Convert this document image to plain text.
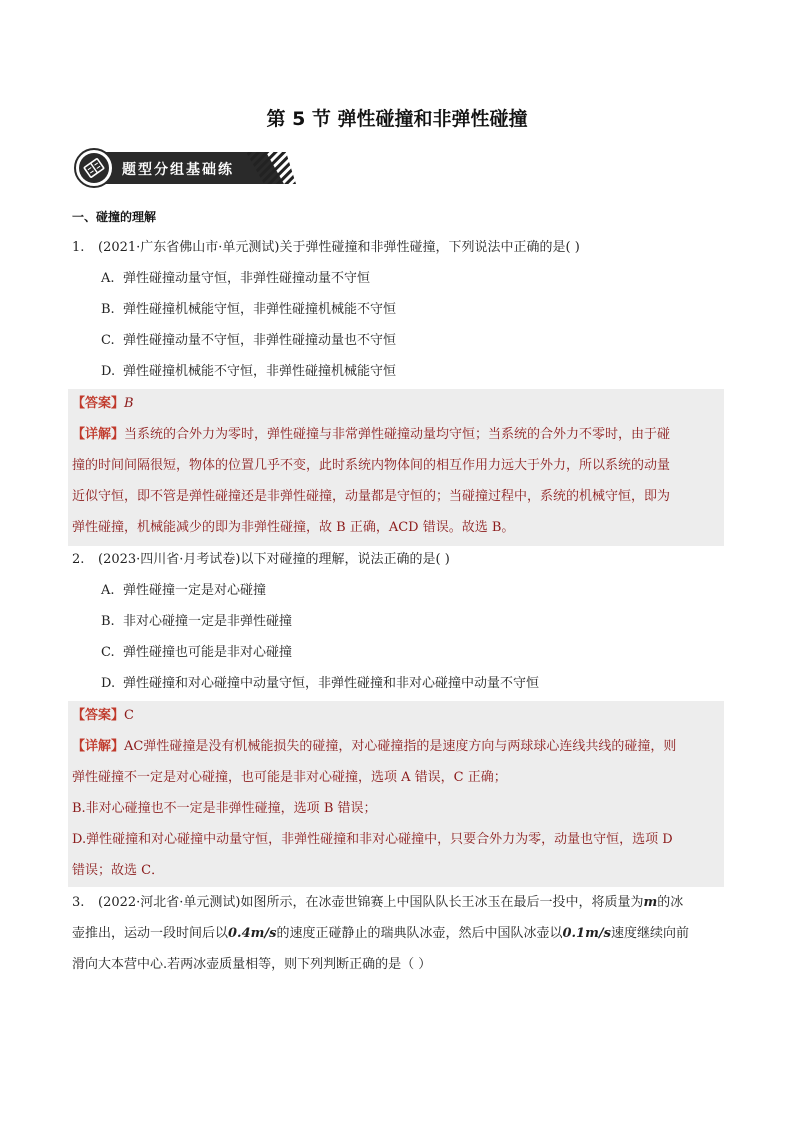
第 5 节 弹性碰撞和非弹性碰撞
题型分组基础练
一、碰撞的理解
1. (2021·广东省佛山市·单元测试)关于弹性碰撞和非弹性碰撞，下列说法中正确的是( )
A. 弹性碰撞动量守恒，非弹性碰撞动量不守恒
B. 弹性碰撞机械能守恒，非弹性碰撞机械能不守恒
C. 弹性碰撞动量不守恒，非弹性碰撞动量也不守恒
D. 弹性碰撞机械能不守恒，非弹性碰撞机械能守恒
【答案】B
【详解】当系统的合外力为零时，弹性碰撞与非常弹性碰撞动量均守恒；当系统的合外力不零时，由于碰
撞的时间间隔很短，物体的位置几乎不变，此时系统内物体间的相互作用力远大于外力，所以系统的动量
近似守恒，即不管是弹性碰撞还是非弹性碰撞，动量都是守恒的；当碰撞过程中，系统的机械守恒，即为
弹性碰撞，机械能减少的即为非弹性碰撞，故 B 正确，ACD 错误。故选 B。
2. (2023·四川省·月考试卷)以下对碰撞的理解，说法正确的是( )
A. 弹性碰撞一定是对心碰撞
B. 非对心碰撞一定是非弹性碰撞
C. 弹性碰撞也可能是非对心碰撞
D. 弹性碰撞和对心碰撞中动量守恒，非弹性碰撞和非对心碰撞中动量不守恒
【答案】C
【详解】AC弹性碰撞是没有机械能损失的碰撞，对心碰撞指的是速度方向与两球球心连线共线的碰撞，则
弹性碰撞不一定是对心碰撞，也可能是非对心碰撞，选项 A 错误，C 正确；
B.非对心碰撞也不一定是非弹性碰撞，选项 B 错误；
D.弹性碰撞和对心碰撞中动量守恒，非弹性碰撞和非对心碰撞中，只要合外力为零，动量也守恒，选项 D
错误；故选 C．
3. (2022·河北省·单元测试)如图所示，在冰壶世锦赛上中国队队长王冰玉在最后一投中，将质量为m的冰
壶推出，运动一段时间后以0.4m/s的速度正碰静止的瑞典队冰壶，然后中国队冰壶以0.1m/s速度继续向前
滑向大本营中心.若两冰壶质量相等，则下列判断正确的是（ ）
